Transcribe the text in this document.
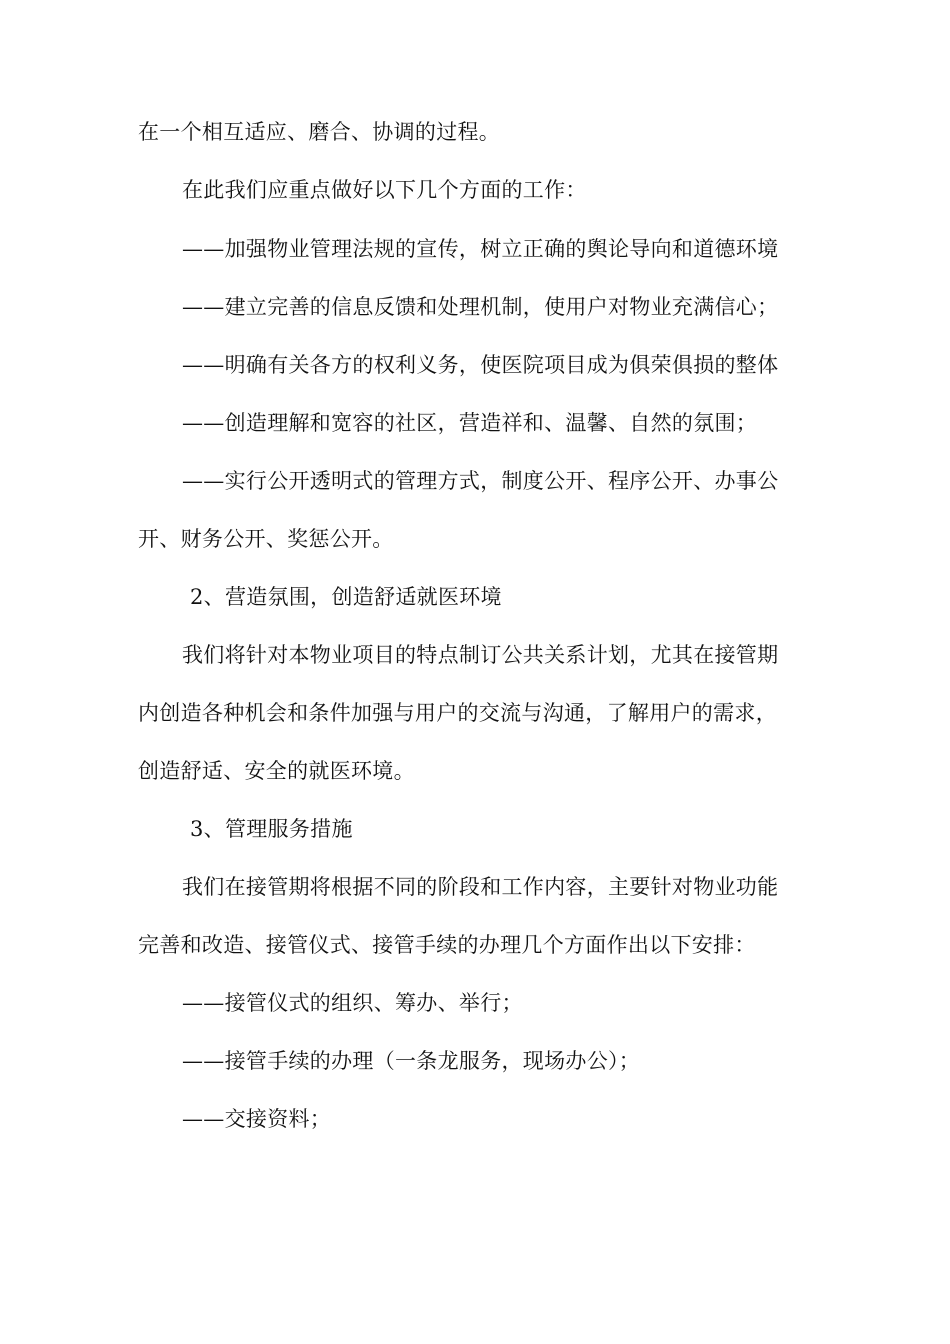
在一个相互适应、磨合、协调的过程。
在此我们应重点做好以下几个方面的工作：
——加强物业管理法规的宣传，树立正确的舆论导向和道德环境
——建立完善的信息反馈和处理机制，使用户对物业充满信心；
——明确有关各方的权利义务，使医院项目成为俱荣俱损的整体
——创造理解和宽容的社区，营造祥和、温馨、自然的氛围；
——实行公开透明式的管理方式，制度公开、程序公开、办事公
开、财务公开、奖惩公开。
2、营造氛围，创造舒适就医环境
我们将针对本物业项目的特点制订公共关系计划，尤其在接管期
内创造各种机会和条件加强与用户的交流与沟通，了解用户的需求，
创造舒适、安全的就医环境。
3、管理服务措施
我们在接管期将根据不同的阶段和工作内容，主要针对物业功能
完善和改造、接管仪式、接管手续的办理几个方面作出以下安排：
——接管仪式的组织、筹办、举行；
——接管手续的办理（一条龙服务，现场办公）；
——交接资料；
